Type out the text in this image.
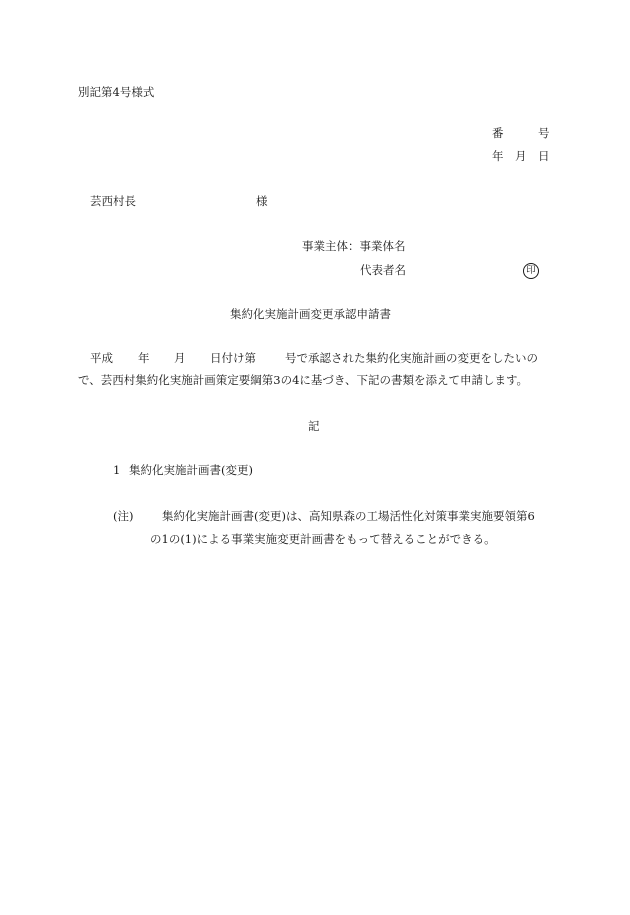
別記第4号様式
番	号
年 月 日
芸西村長	様
事業主体：事業体名
代表者名	印
集約化実施計画変更承認申請書
平成 年 月 日付け第	号で承認された集約化実施計画の変更をしたいの
で、芸西村集約化実施計画策定要綱第3の4に基づき、下記の書類を添えて申請します。
記
1 集約化実施計画書(変更)
(注) 集約化実施計画書(変更)は、高知県森の工場活性化対策事業実施要領第6
の1の(1)による事業実施変更計画書をもって替えることができる。
